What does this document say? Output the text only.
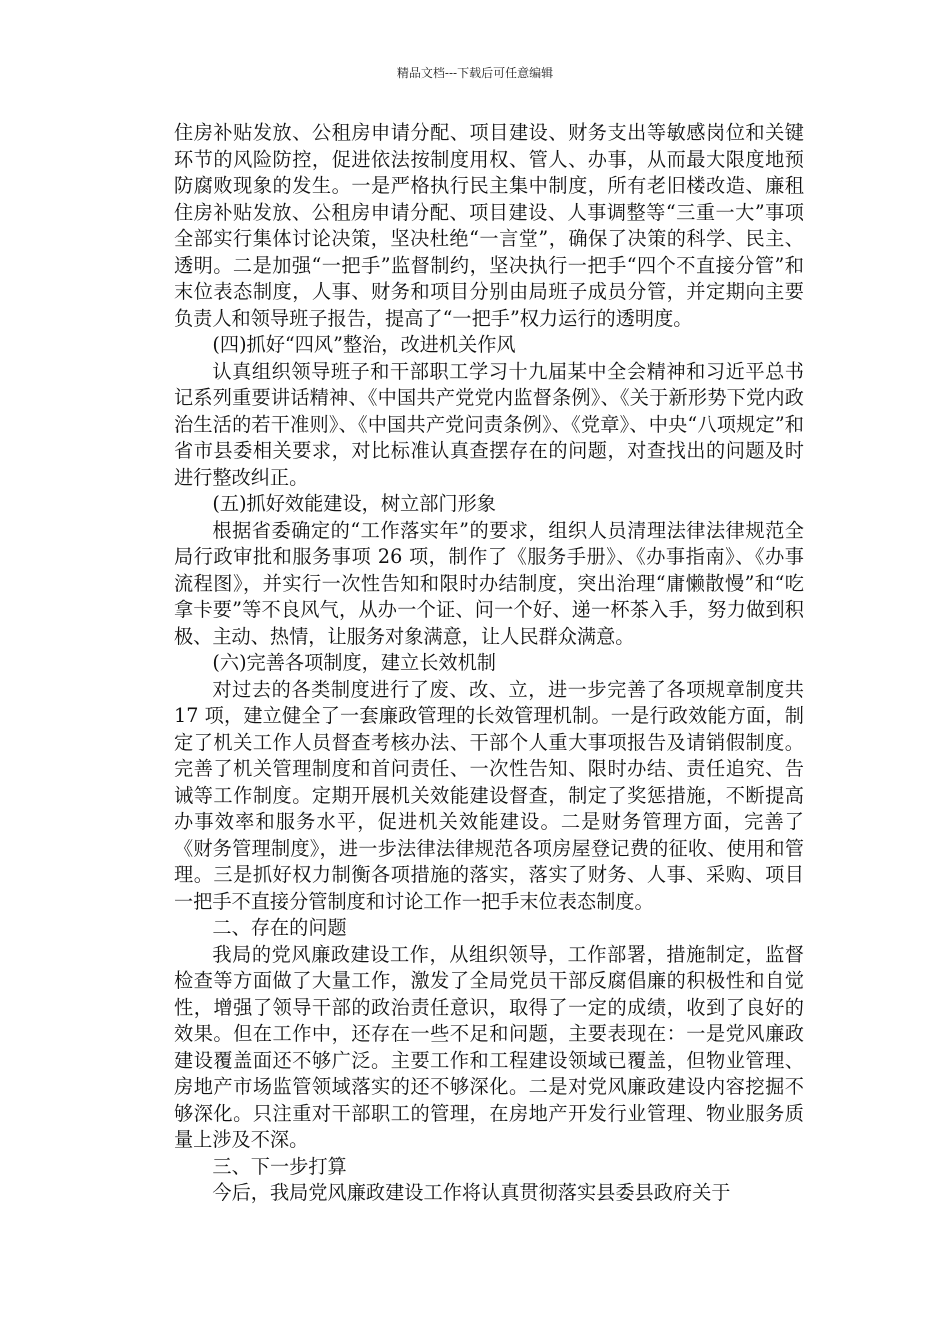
精品文档---下载后可任意编辑

住房补贴发放、公租房申请分配、项目建设、财务支出等敏感岗位和关键环节的风险防控，促进依法按制度用权、管人、办事，从而最大限度地预防腐败现象的发生。一是严格执行民主集中制度，所有老旧楼改造、廉租住房补贴发放、公租房申请分配、项目建设、人事调整等“三重一大”事项全部实行集体讨论决策，坚决杜绝“一言堂”，确保了决策的科学、民主、透明。二是加强“一把手”监督制约，坚决执行一把手“四个不直接分管”和末位表态制度，人事、财务和项目分别由局班子成员分管，并定期向主要负责人和领导班子报告，提高了“一把手”权力运行的透明度。

(四)抓好“四风”整治，改进机关作风

认真组织领导班子和干部职工学习十九届某中全会精神和习近平总书记系列重要讲话精神、《中国共产党党内监督条例》、《关于新形势下党内政治生活的若干准则》、《中国共产党问责条例》、《党章》、中央“八项规定”和省市县委相关要求，对比标准认真查摆存在的问题，对查找出的问题及时进行整改纠正。

(五)抓好效能建设，树立部门形象

根据省委确定的“工作落实年”的要求，组织人员清理法律法律规范全局行政审批和服务事项 26 项，制作了《服务手册》、《办事指南》、《办事流程图》，并实行一次性告知和限时办结制度，突出治理“庸懒散慢”和“吃拿卡要”等不良风气，从办一个证、问一个好、递一杯茶入手，努力做到积极、主动、热情，让服务对象满意，让人民群众满意。

(六)完善各项制度，建立长效机制

对过去的各类制度进行了废、改、立，进一步完善了各项规章制度共 17 项，建立健全了一套廉政管理的长效管理机制。一是行政效能方面，制定了机关工作人员督查考核办法、干部个人重大事项报告及请销假制度。完善了机关管理制度和首问责任、一次性告知、限时办结、责任追究、告诫等工作制度。定期开展机关效能建设督查，制定了奖惩措施，不断提高办事效率和服务水平，促进机关效能建设。二是财务管理方面，完善了《财务管理制度》，进一步法律法律规范各项房屋登记费的征收、使用和管理。三是抓好权力制衡各项措施的落实，落实了财务、人事、采购、项目一把手不直接分管制度和讨论工作一把手末位表态制度。

二、存在的问题

我局的党风廉政建设工作，从组织领导，工作部署，措施制定，监督检查等方面做了大量工作，激发了全局党员干部反腐倡廉的积极性和自觉性，增强了领导干部的政治责任意识，取得了一定的成绩，收到了良好的效果。但在工作中，还存在一些不足和问题，主要表现在：一是党风廉政建设覆盖面还不够广泛。主要工作和工程建设领域已覆盖，但物业管理、房地产市场监管领域落实的还不够深化。二是对党风廉政建设内容挖掘不够深化。只注重对干部职工的管理，在房地产开发行业管理、物业服务质量上涉及不深。

三、下一步打算

今后，我局党风廉政建设工作将认真贯彻落实县委县政府关于
